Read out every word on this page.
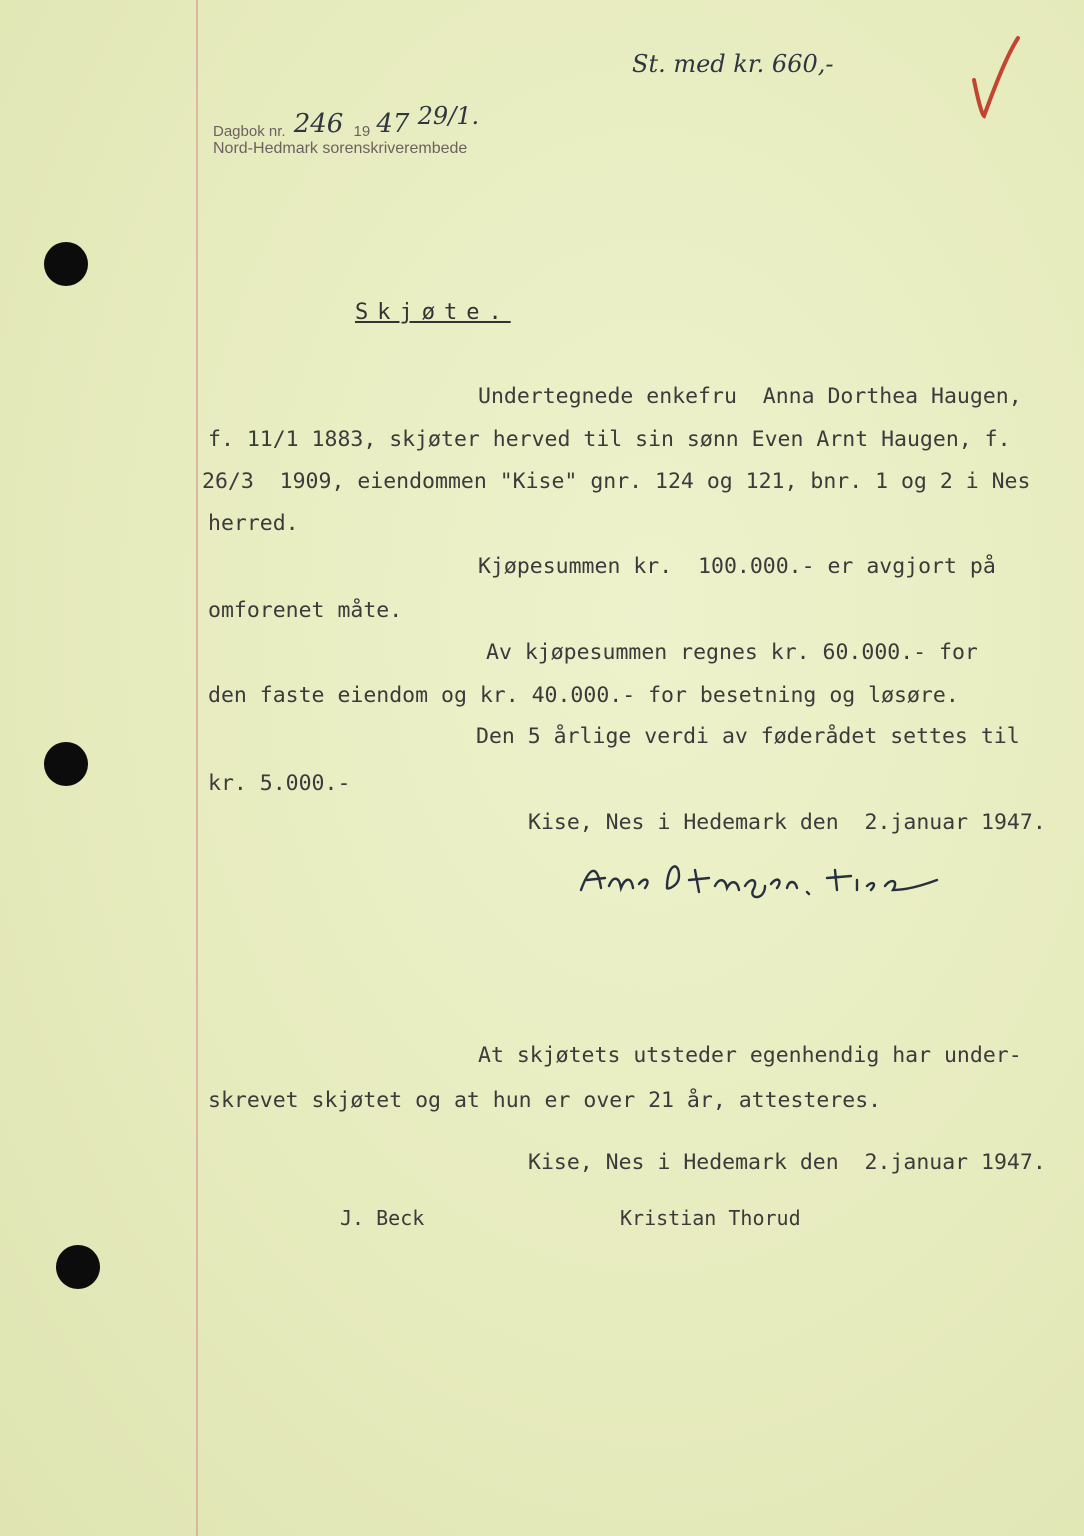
Dagbok nr. 246 19 47 29/1.
Nord-Hedmark sorenskriverembede
St. med kr. 660,-
Skjøte.
Undertegnede enkefru  Anna Dorthea Haugen,
f. 11/1 1883, skjøter herved til sin sønn Even Arnt Haugen, f.
26/3  1909, eiendommen "Kise" gnr. 124 og 121, bnr. 1 og 2 i Nes
herred.
Kjøpesummen kr.  100.000.- er avgjort på
omforenet måte.
Av kjøpesummen regnes kr. 60.000.- for
den faste eiendom og kr. 40.000.- for besetning og løsøre.
Den 5 årlige verdi av føderådet settes til
kr. 5.000.-
Kise, Nes i Hedemark den  2.januar 1947.
At skjøtets utsteder egenhendig har under-
skrevet skjøtet og at hun er over 21 år, attesteres.
Kise, Nes i Hedemark den  2.januar 1947.
J. Beck	Kristian Thorud
